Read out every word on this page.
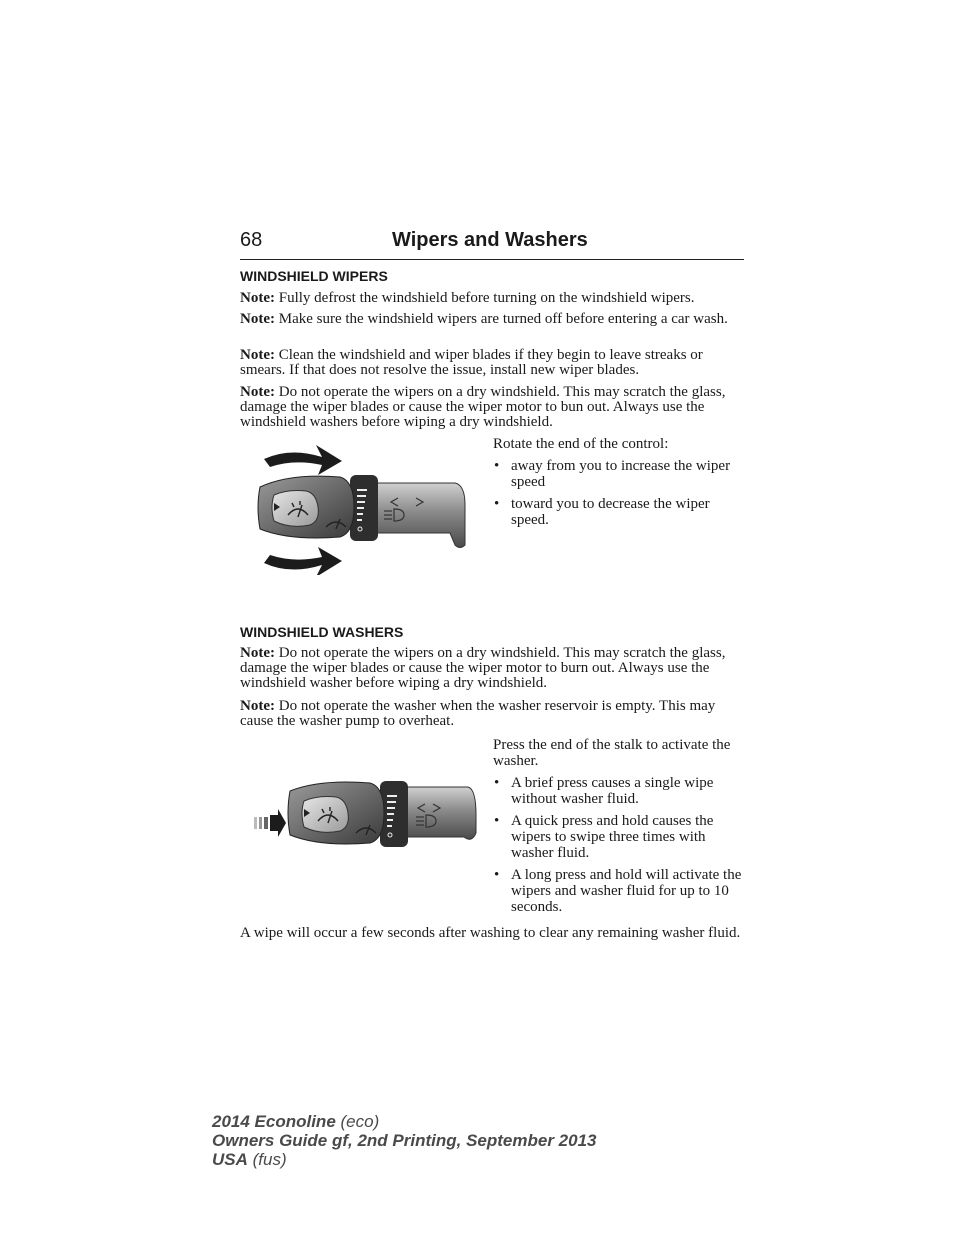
68	Wipers and Washers
WINDSHIELD WIPERS

Note: Fully defrost the windshield before turning on the windshield wipers.

Note: Make sure the windshield wipers are turned off before entering a car wash.

Note: Clean the windshield and wiper blades if they begin to leave streaks or smears. If that does not resolve the issue, install new wiper blades.

Note: Do not operate the wipers on a dry windshield. This may scratch the glass, damage the wiper blades or cause the wiper motor to bun out. Always use the windshield washers before wiping a dry windshield.

Rotate the end of the control:

• away from you to increase the wiper speed
• toward you to decrease the wiper speed.
WINDSHIELD WASHERS

Note: Do not operate the wipers on a dry windshield. This may scratch the glass, damage the wiper blades or cause the wiper motor to burn out. Always use the windshield washer before wiping a dry windshield.

Note: Do not operate the washer when the washer reservoir is empty. This may cause the washer pump to overheat.

Press the end of the stalk to activate the washer.

• A brief press causes a single wipe without washer fluid.
• A quick press and hold causes the wipers to swipe three times with washer fluid.
• A long press and hold will activate the wipers and washer fluid for up to 10 seconds.

A wipe will occur a few seconds after washing to clear any remaining washer fluid.

2014 Econoline (eco)
Owners Guide gf, 2nd Printing, September 2013
USA (fus)
